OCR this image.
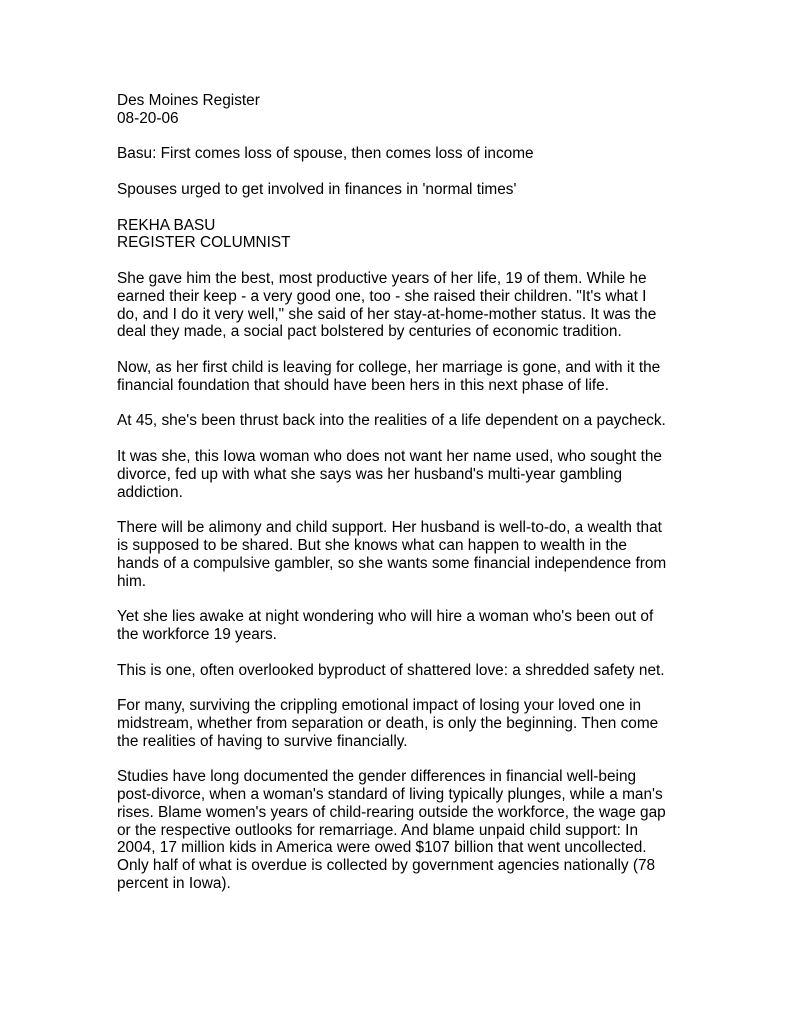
Des Moines Register
08-20-06
Basu: First comes loss of spouse, then comes loss of income
Spouses urged to get involved in finances in 'normal times'
REKHA BASU
REGISTER COLUMNIST
She gave him the best, most productive years of her life, 19 of them. While he
earned their keep - a very good one, too - she raised their children. "It's what I
do, and I do it very well," she said of her stay-at-home-mother status. It was the
deal they made, a social pact bolstered by centuries of economic tradition.
Now, as her first child is leaving for college, her marriage is gone, and with it the
financial foundation that should have been hers in this next phase of life.
At 45, she's been thrust back into the realities of a life dependent on a paycheck.
It was she, this Iowa woman who does not want her name used, who sought the
divorce, fed up with what she says was her husband's multi-year gambling
addiction.
There will be alimony and child support. Her husband is well-to-do, a wealth that
is supposed to be shared. But she knows what can happen to wealth in the
hands of a compulsive gambler, so she wants some financial independence from
him.
Yet she lies awake at night wondering who will hire a woman who's been out of
the workforce 19 years.
This is one, often overlooked byproduct of shattered love: a shredded safety net.
For many, surviving the crippling emotional impact of losing your loved one in
midstream, whether from separation or death, is only the beginning. Then come
the realities of having to survive financially.
Studies have long documented the gender differences in financial well-being
post-divorce, when a woman's standard of living typically plunges, while a man's
rises. Blame women's years of child-rearing outside the workforce, the wage gap
or the respective outlooks for remarriage. And blame unpaid child support: In
2004, 17 million kids in America were owed $107 billion that went uncollected.
Only half of what is overdue is collected by government agencies nationally (78
percent in Iowa).
